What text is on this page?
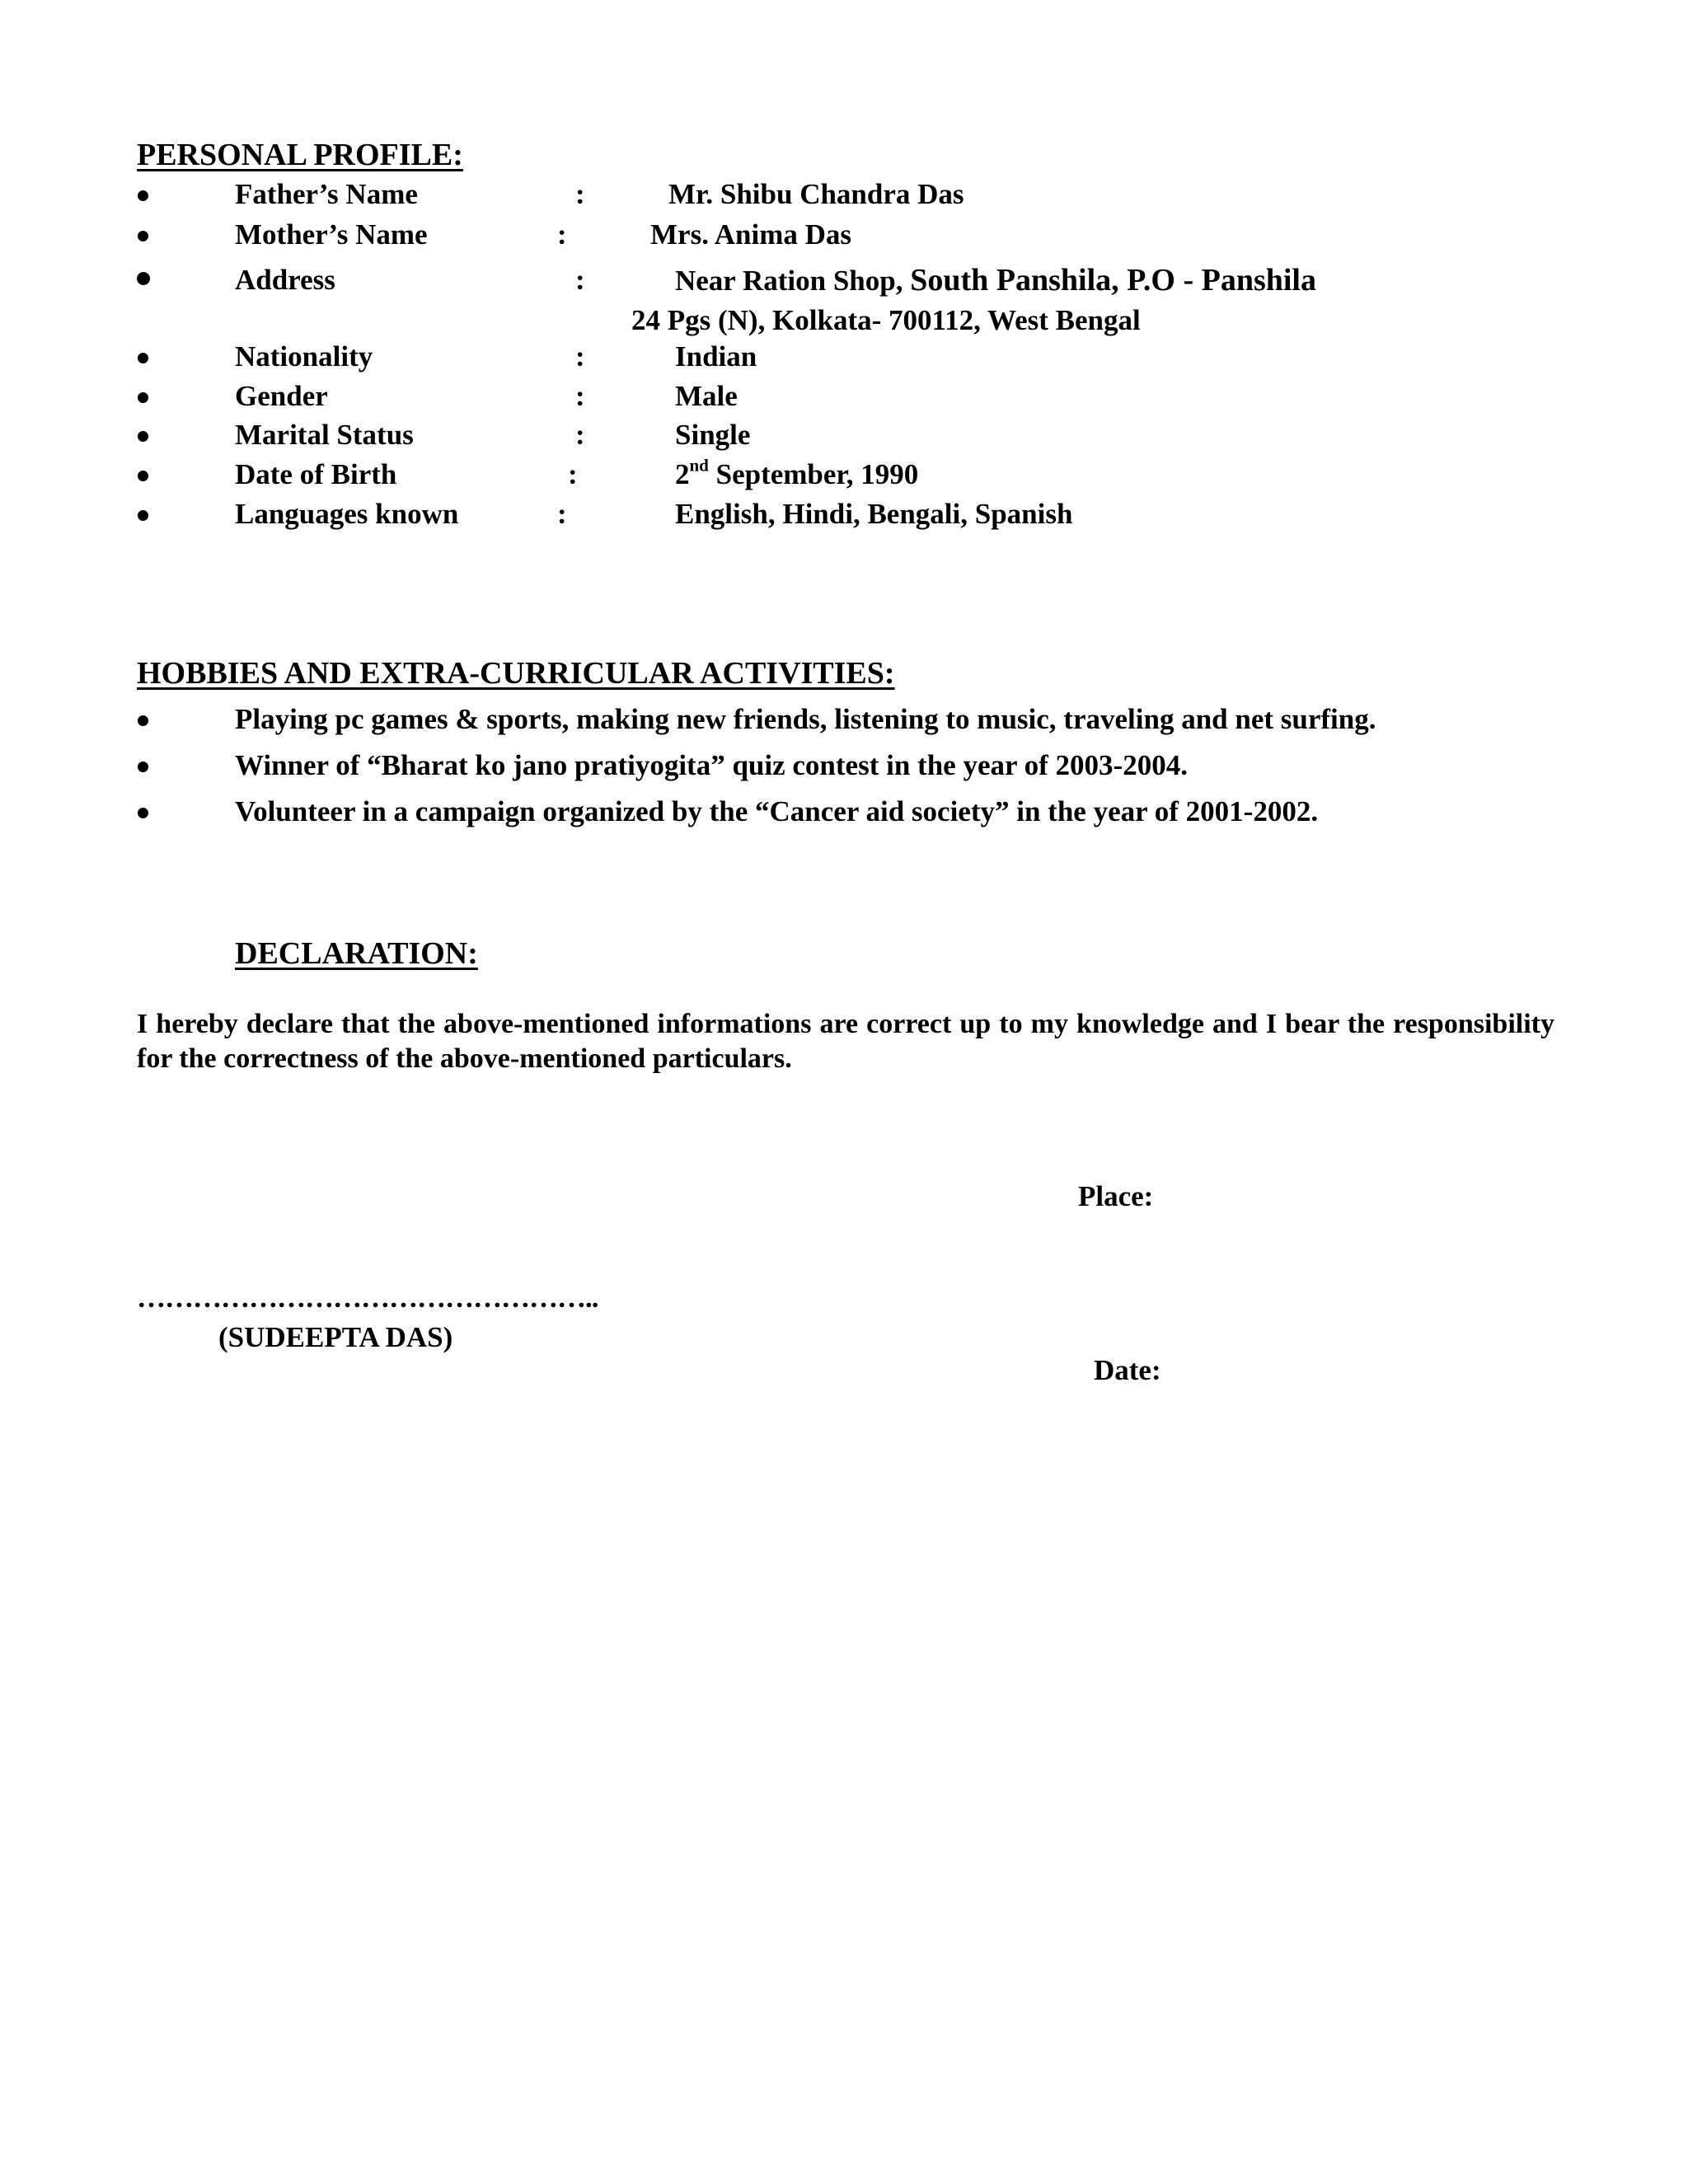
PERSONAL PROFILE:
Father’s Name	:	Mr. Shibu Chandra Das
Mother’s Name	:	Mrs. Anima Das
Address	:	Near Ration Shop, South Panshila, P.O - Panshila
24 Pgs (N), Kolkata- 700112, West Bengal
Nationality	:	Indian
Gender	:	Male
Marital Status	:	Single
Date of Birth	:	2nd September, 1990
Languages known	:	English, Hindi, Bengali, Spanish
HOBBIES AND EXTRA-CURRICULAR ACTIVITIES:
Playing pc games & sports, making new friends, listening to music, traveling and net surfing.
Winner of “Bharat ko jano pratiyogita” quiz contest in the year of 2003-2004.
Volunteer in a campaign organized by the “Cancer aid society” in the year of 2001-2002.
DECLARATION:
I hereby declare that the above-mentioned informations are correct up to my knowledge and I bear the responsibility for the correctness of the above-mentioned particulars.
Place:
…………………………………………..
(SUDEEPTA DAS)
Date:
